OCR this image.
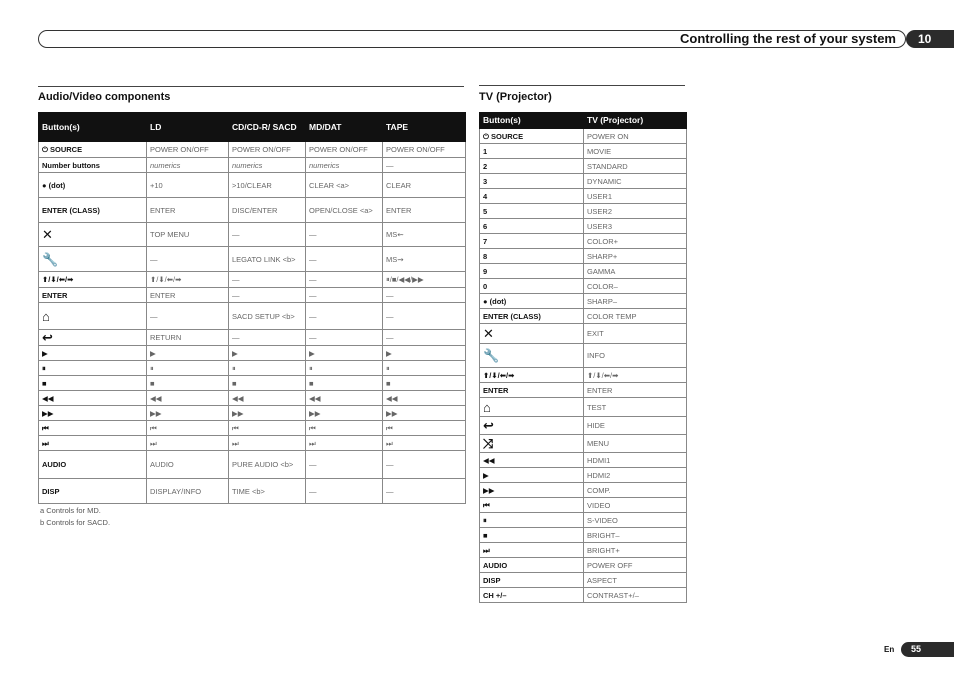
Controlling the rest of your system	10
Audio/Video components
Button(s)	LD	CD/CD-R/ SACD	MD/DAT	TAPE
⏻ SOURCE	POWER ON/OFF	POWER ON/OFF	POWER ON/OFF	POWER ON/OFF
Number buttons	numerics	numerics	numerics	—
● (dot)	+10	>10/CLEAR	CLEAR <a>	CLEAR
ENTER (CLASS)	ENTER	DISC/ENTER	OPEN/CLOSE <a>	ENTER
✕	TOP MENU	—	—	MS⇜
🔧	—	LEGATO LINK <b>	—	MS⇝
⬆/⬇/⬅/➡	⬆/⬇/⬅/➡	—	—	⏸/■/◀◀/▶▶
ENTER	ENTER	—	—	—
⌂	—	SACD SETUP <b>	—	—
↩	RETURN	—	—	—
▶	▶	▶	▶	▶
⏸	⏸	⏸	⏸	⏸
■	■	■	■	■
◀◀	◀◀	◀◀	◀◀	◀◀
▶▶	▶▶	▶▶	▶▶	▶▶
⏮	⏮	⏮	⏮	⏮
⏭	⏭	⏭	⏭	⏭
AUDIO	AUDIO	PURE AUDIO <b>	—	—
DISP	DISPLAY/INFO	TIME <b>	—	—
a Controls for MD.
b Controls for SACD.
TV (Projector)
Button(s)	TV (Projector)
⏻ SOURCE	POWER ON
1	MOVIE
2	STANDARD
3	DYNAMIC
4	USER1
5	USER2
6	USER3
7	COLOR+
8	SHARP+
9	GAMMA
0	COLOR–
● (dot)	SHARP–
ENTER (CLASS)	COLOR TEMP
✕	EXIT
🔧	INFO
⬆/⬇/⬅/➡	⬆/⬇/⬅/➡
ENTER	ENTER
⌂	TEST
↩	HIDE
⤨	MENU
◀◀	HDMI1
▶	HDMI2
▶▶	COMP.
⏮	VIDEO
⏸	S-VIDEO
■	BRIGHT–
⏭	BRIGHT+
AUDIO	POWER OFF
DISP	ASPECT
CH +/–	CONTRAST+/–
En	55
